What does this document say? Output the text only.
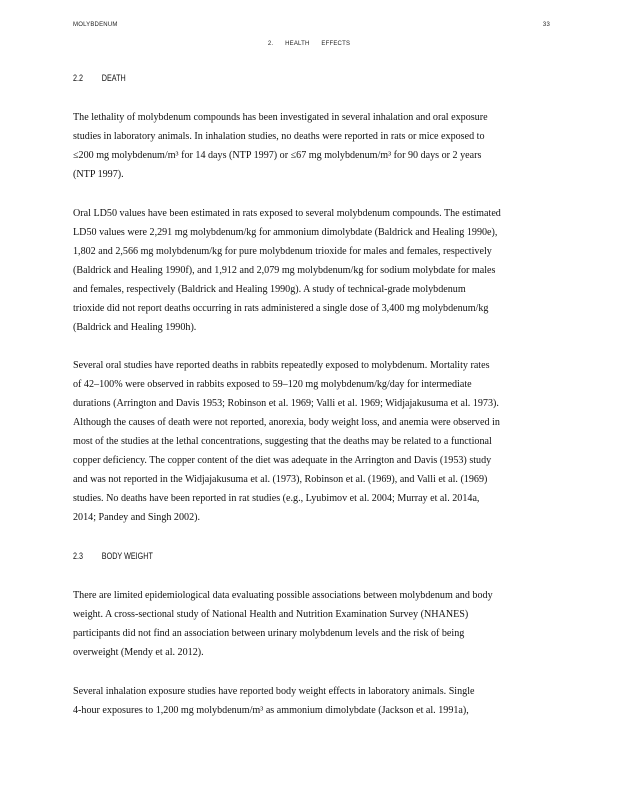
MOLYBDENUM	33
2. HEALTH EFFECTS
2.2 DEATH
The lethality of molybdenum compounds has been investigated in several inhalation and oral exposure
studies in laboratory animals. In inhalation studies, no deaths were reported in rats or mice exposed to
≤200 mg molybdenum/m³ for 14 days (NTP 1997) or ≤67 mg molybdenum/m³ for 90 days or 2 years
(NTP 1997).
Oral LD50 values have been estimated in rats exposed to several molybdenum compounds. The estimated
LD50 values were 2,291 mg molybdenum/kg for ammonium dimolybdate (Baldrick and Healing 1990e),
1,802 and 2,566 mg molybdenum/kg for pure molybdenum trioxide for males and females, respectively
(Baldrick and Healing 1990f), and 1,912 and 2,079 mg molybdenum/kg for sodium molybdate for males
and females, respectively (Baldrick and Healing 1990g). A study of technical-grade molybdenum
trioxide did not report deaths occurring in rats administered a single dose of 3,400 mg molybdenum/kg
(Baldrick and Healing 1990h).
Several oral studies have reported deaths in rabbits repeatedly exposed to molybdenum. Mortality rates
of 42–100% were observed in rabbits exposed to 59–120 mg molybdenum/kg/day for intermediate
durations (Arrington and Davis 1953; Robinson et al. 1969; Valli et al. 1969; Widjajakusuma et al. 1973).
Although the causes of death were not reported, anorexia, body weight loss, and anemia were observed in
most of the studies at the lethal concentrations, suggesting that the deaths may be related to a functional
copper deficiency. The copper content of the diet was adequate in the Arrington and Davis (1953) study
and was not reported in the Widjajakusuma et al. (1973), Robinson et al. (1969), and Valli et al. (1969)
studies. No deaths have been reported in rat studies (e.g., Lyubimov et al. 2004; Murray et al. 2014a,
2014; Pandey and Singh 2002).
2.3 BODY WEIGHT
There are limited epidemiological data evaluating possible associations between molybdenum and body
weight. A cross-sectional study of National Health and Nutrition Examination Survey (NHANES)
participants did not find an association between urinary molybdenum levels and the risk of being
overweight (Mendy et al. 2012).
Several inhalation exposure studies have reported body weight effects in laboratory animals. Single
4-hour exposures to 1,200 mg molybdenum/m³ as ammonium dimolybdate (Jackson et al. 1991a),
